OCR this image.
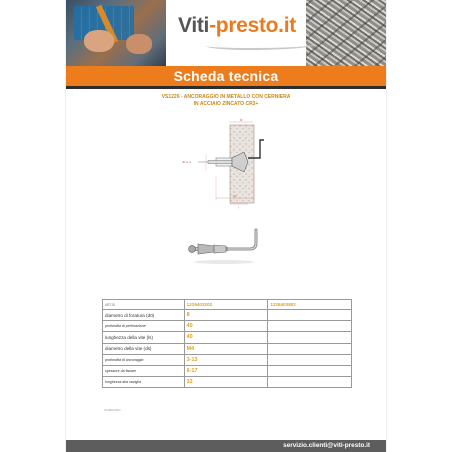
Viti-presto.it
Scheda tecnica
VS1226 - ANCORAGGIO IN METALLO CON CERNIERA
IN ACCIAIO ZINCATO CR3+
ls
d0 ø d
tfix
l
ART.ID	1226403202	1226403802
diametro di foratura (d0)	8	
profondità di perforazione	40	
lunghezza della vite (ls)	40	
diametro della vite (ds)	M4	
profondità di ancoraggio	3-13	
spessore da fissare	6-17	
lunghezza alla caviglia	32	
SCHEDA REV
servizio.clienti@viti-presto.it
